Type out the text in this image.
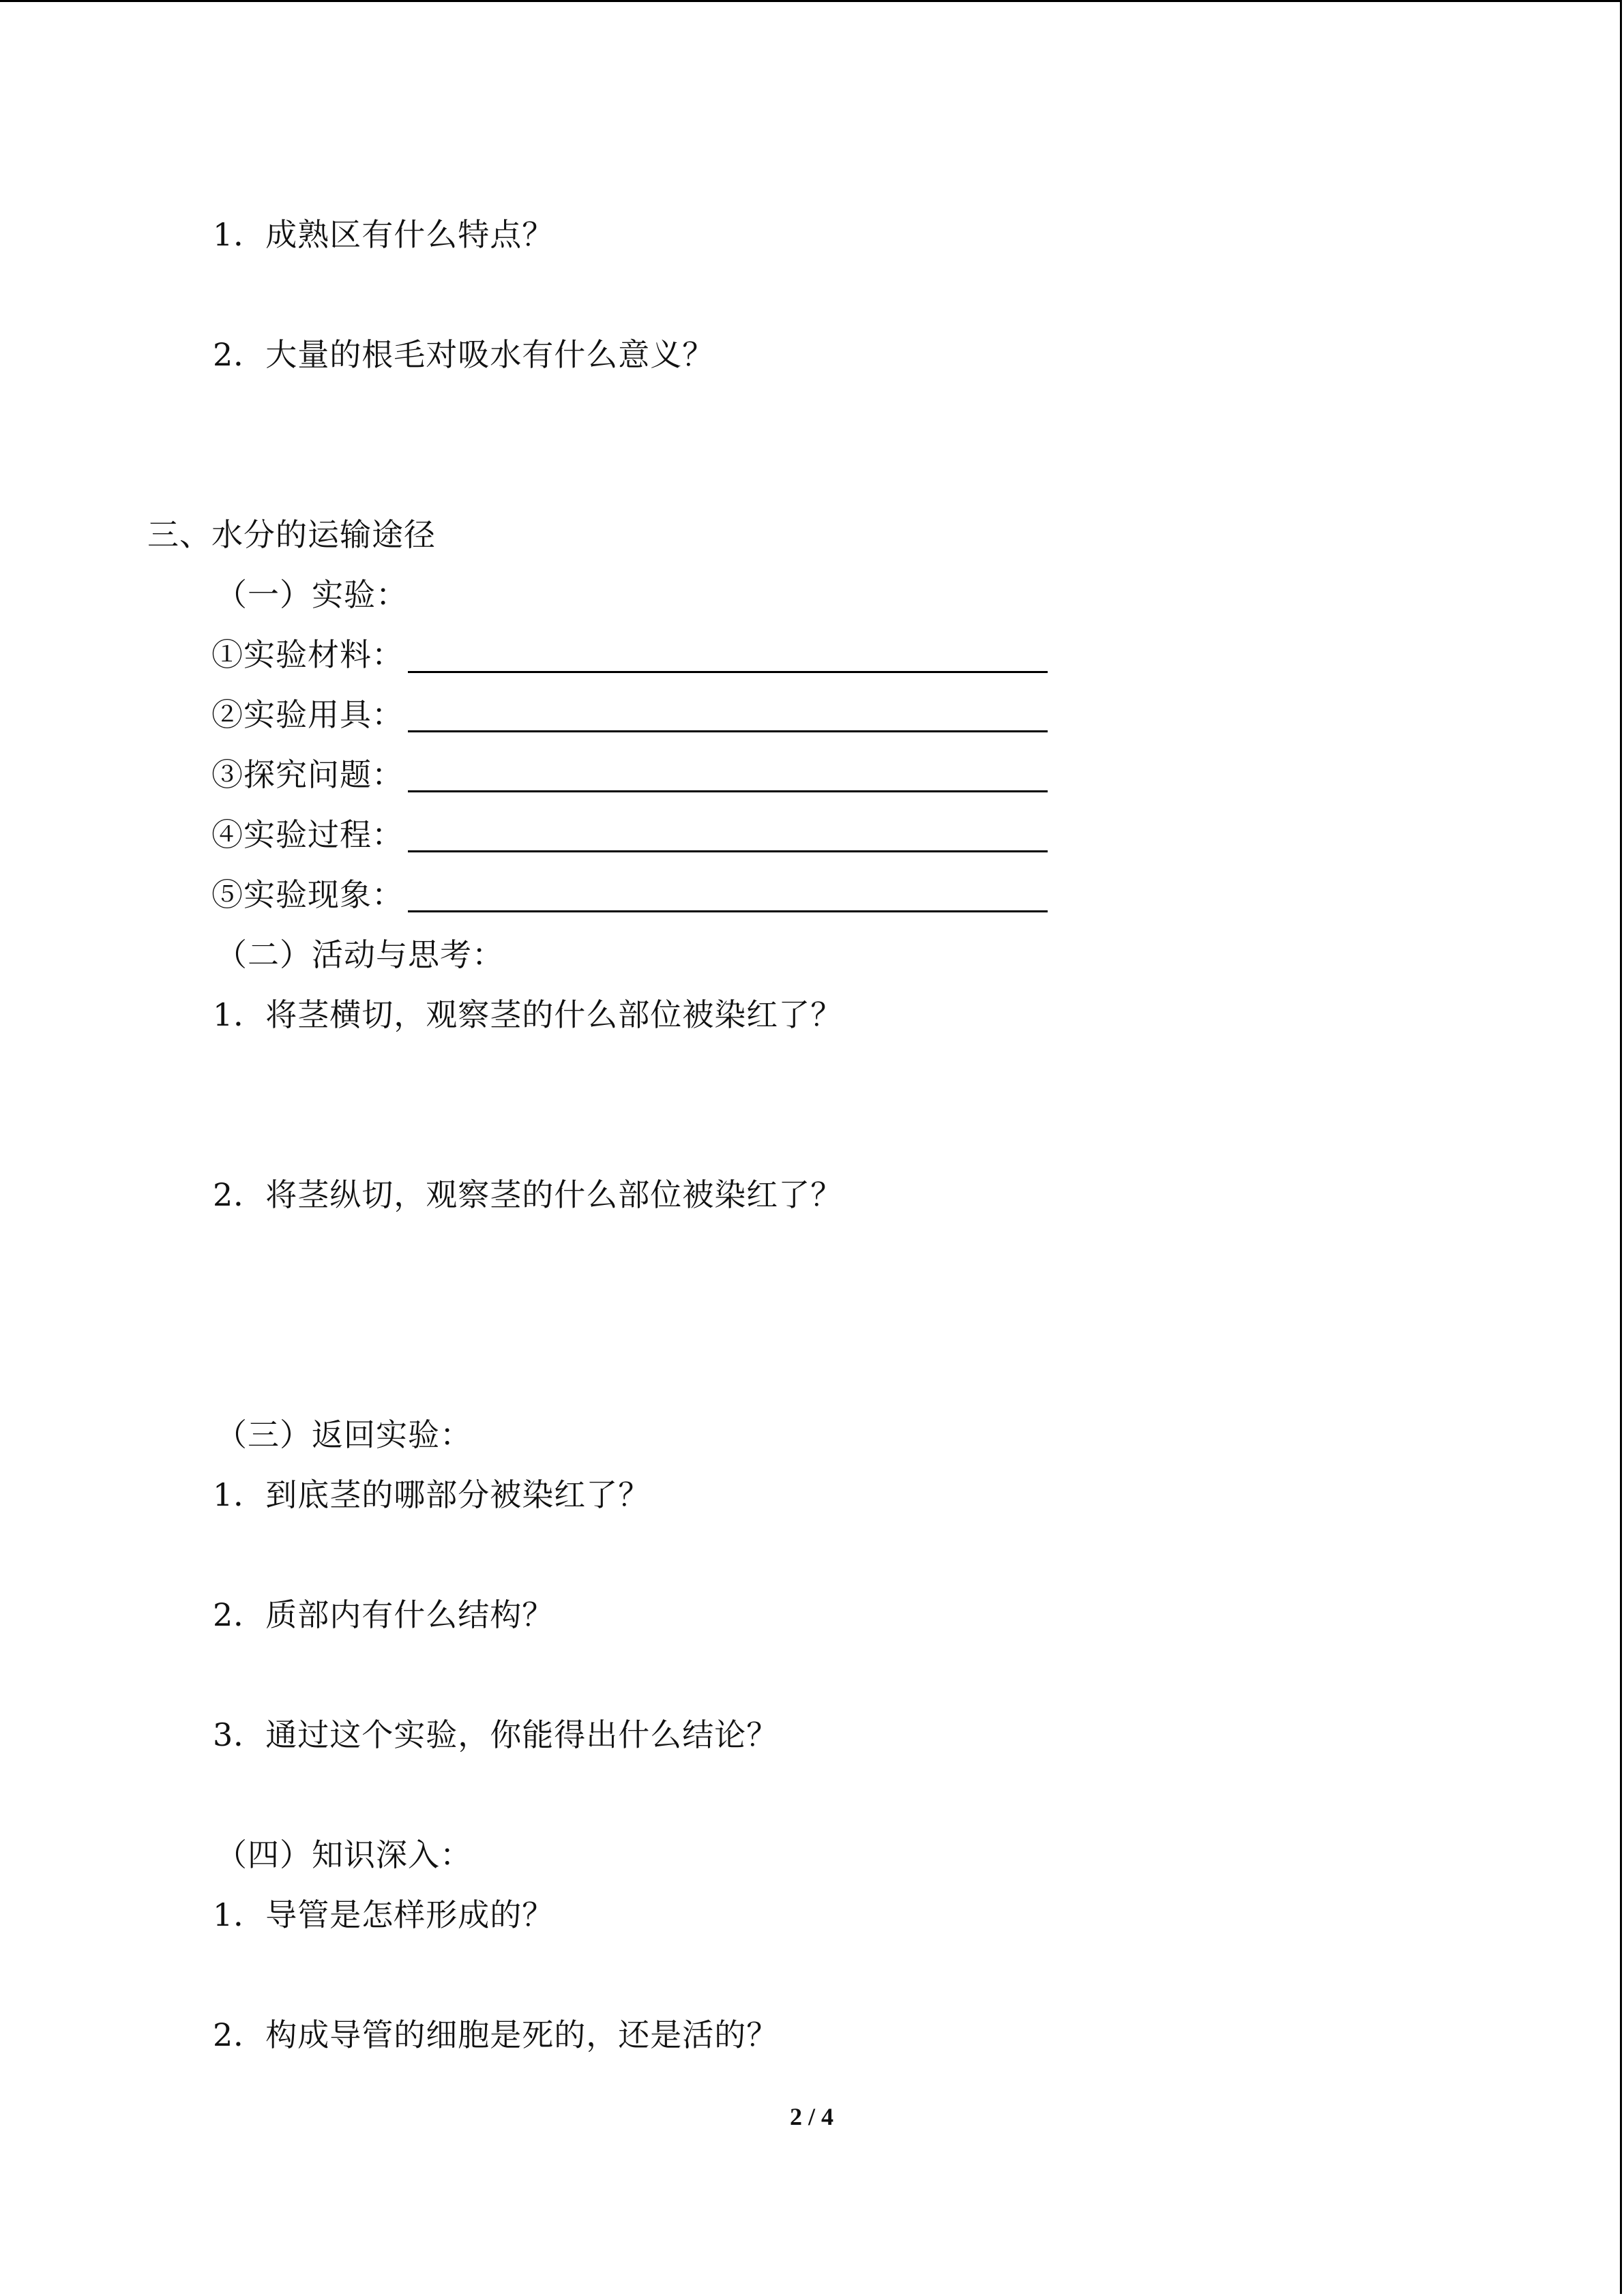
1．成熟区有什么特点？
2．大量的根毛对吸水有什么意义？
三、水分的运输途径
（一）实验：
①实验材料：
②实验用具：
③探究问题：
④实验过程：
⑤实验现象：
（二）活动与思考：
1．将茎横切，观察茎的什么部位被染红了？
2．将茎纵切，观察茎的什么部位被染红了？
（三）返回实验：
1．到底茎的哪部分被染红了？
2．质部内有什么结构？
3．通过这个实验，你能得出什么结论？
（四）知识深入：
1．导管是怎样形成的？
2．构成导管的细胞是死的，还是活的？
2 / 4
